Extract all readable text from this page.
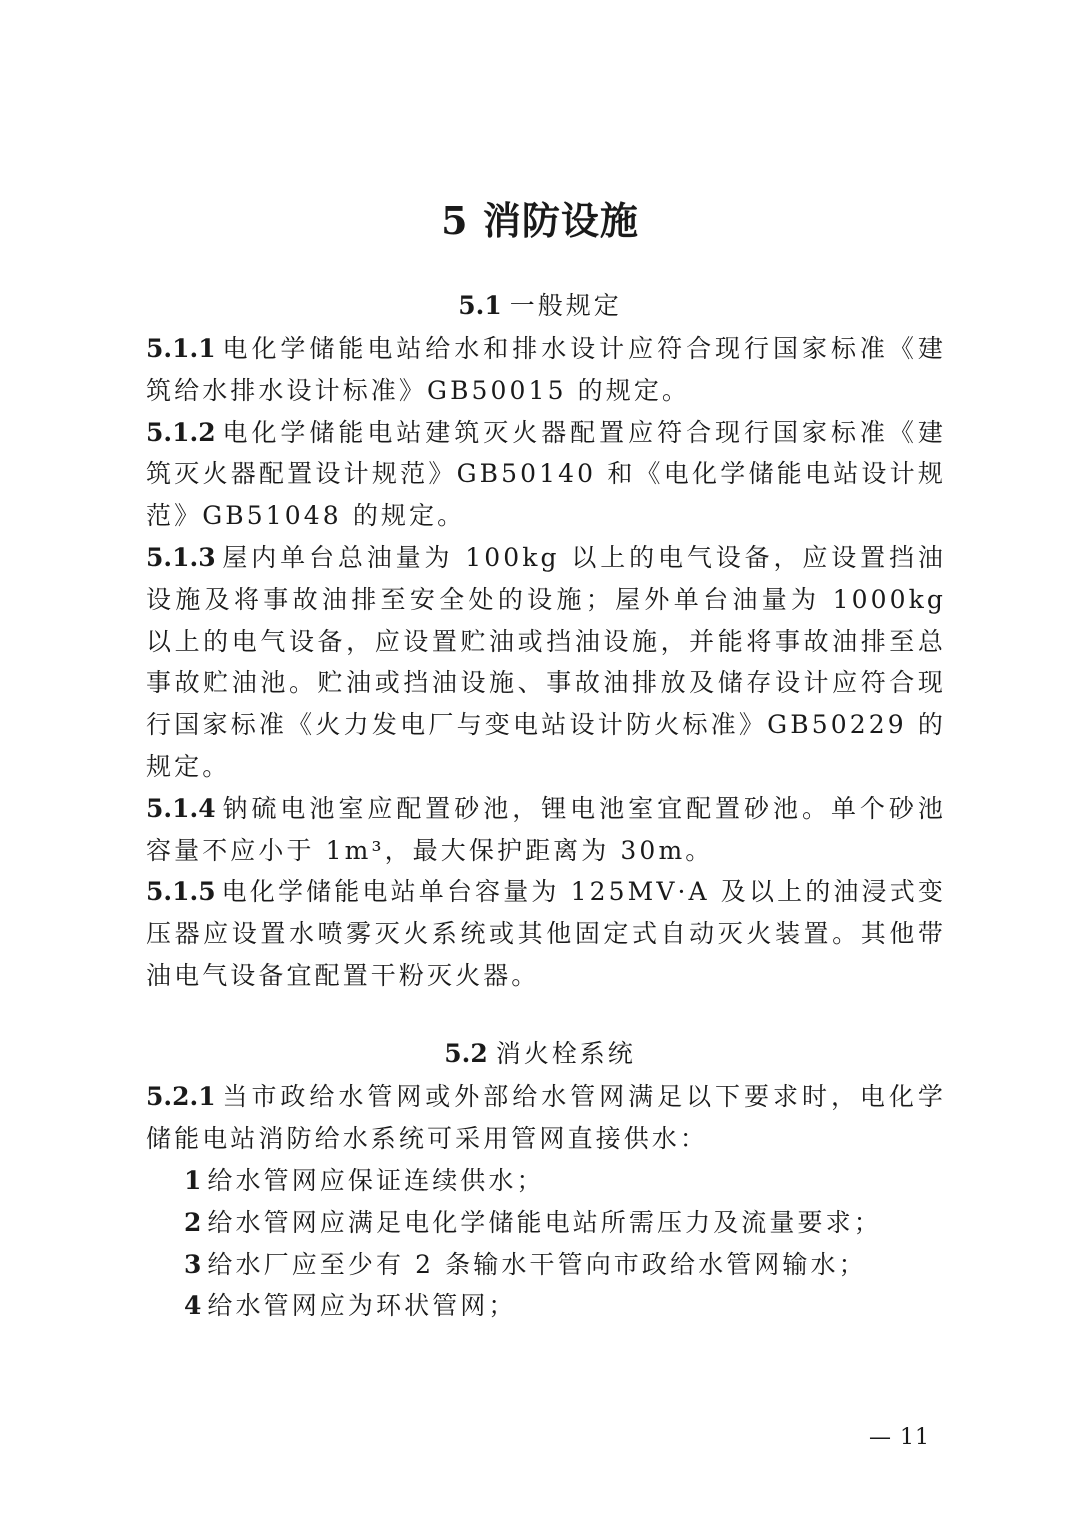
5 消防设施
5.1 一般规定

5.1.1 电化学储能电站给水和排水设计应符合现行国家标准《建筑给水排水设计标准》GB50015 的规定。

5.1.2 电化学储能电站建筑灭火器配置应符合现行国家标准《建筑灭火器配置设计规范》GB50140 和《电化学储能电站设计规范》GB51048 的规定。

5.1.3 屋内单台总油量为 100kg 以上的电气设备，应设置挡油设施及将事故油排至安全处的设施；屋外单台油量为 1000kg 以上的电气设备，应设置贮油或挡油设施，并能将事故油排至总事故贮油池。贮油或挡油设施、事故油排放及储存设计应符合现行国家标准《火力发电厂与变电站设计防火标准》GB50229 的规定。

5.1.4 钠硫电池室应配置砂池，锂电池室宜配置砂池。单个砂池容量不应小于 1m³，最大保护距离为 30m。

5.1.5 电化学储能电站单台容量为 125MV·A 及以上的油浸式变压器应设置水喷雾灭火系统或其他固定式自动灭火装置。其他带油电气设备宜配置干粉灭火器。

5.2 消火栓系统

5.2.1 当市政给水管网或外部给水管网满足以下要求时，电化学储能电站消防给水系统可采用管网直接供水：

1 给水管网应保证连续供水；

2 给水管网应满足电化学储能电站所需压力及流量要求；

3 给水厂应至少有 2 条输水干管向市政给水管网输水；

4 给水管网应为环状管网；

— 11
